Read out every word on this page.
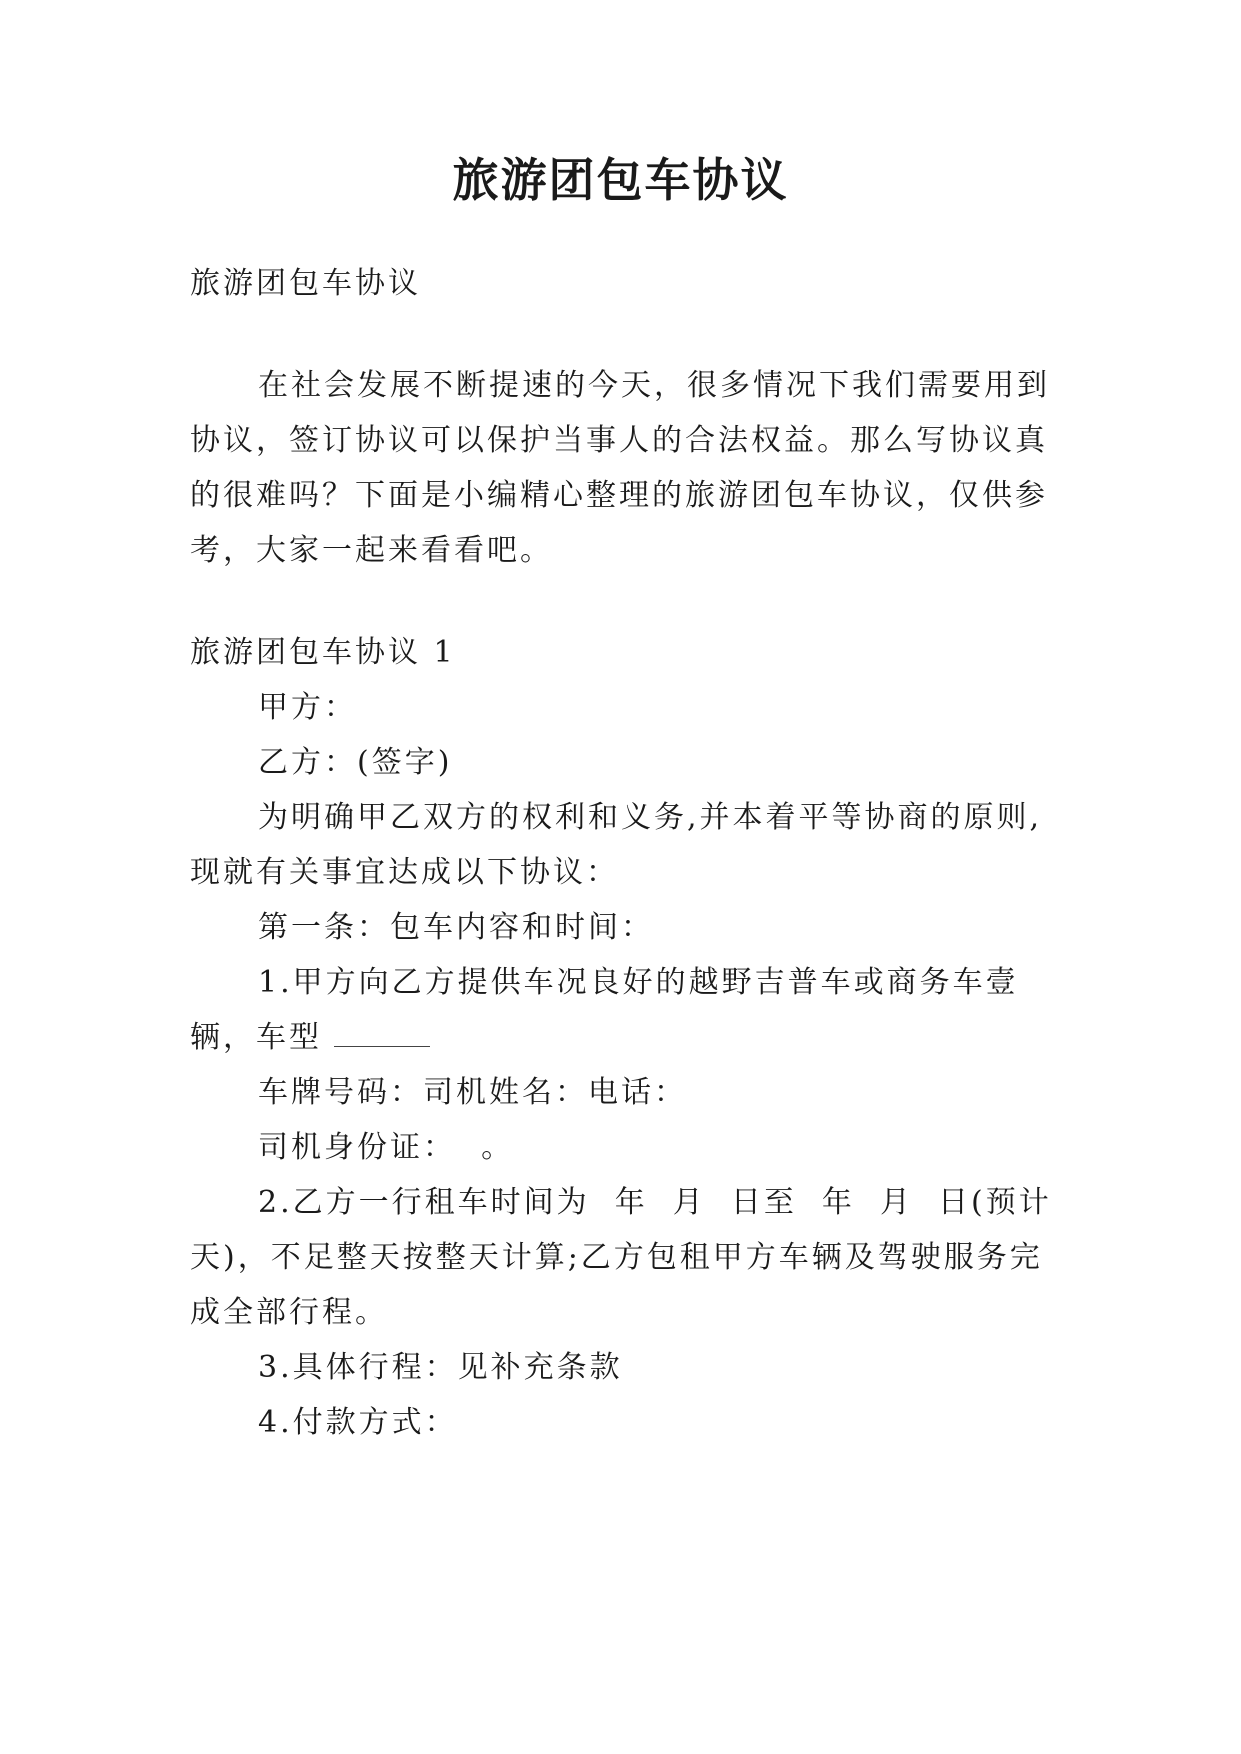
旅游团包车协议
旅游团包车协议
在社会发展不断提速的今天，很多情况下我们需要用到
协议，签订协议可以保护当事人的合法权益。那么写协议真
的很难吗？下面是小编精心整理的旅游团包车协议，仅供参
考，大家一起来看看吧。
旅游团包车协议 1
甲方：
乙方：(签字)
为明确甲乙双方的权利和义务,并本着平等协商的原则,
现就有关事宜达成以下协议：
第一条：包车内容和时间：
1.甲方向乙方提供车况良好的越野吉普车或商务车壹
辆，车型
车牌号码：司机姓名：电话：
司机身份证：  。
2.乙方一行租车时间为  年  月  日至  年  月  日(预计
天)，不足整天按整天计算;乙方包租甲方车辆及驾驶服务完
成全部行程。
3.具体行程：见补充条款
4.付款方式：
